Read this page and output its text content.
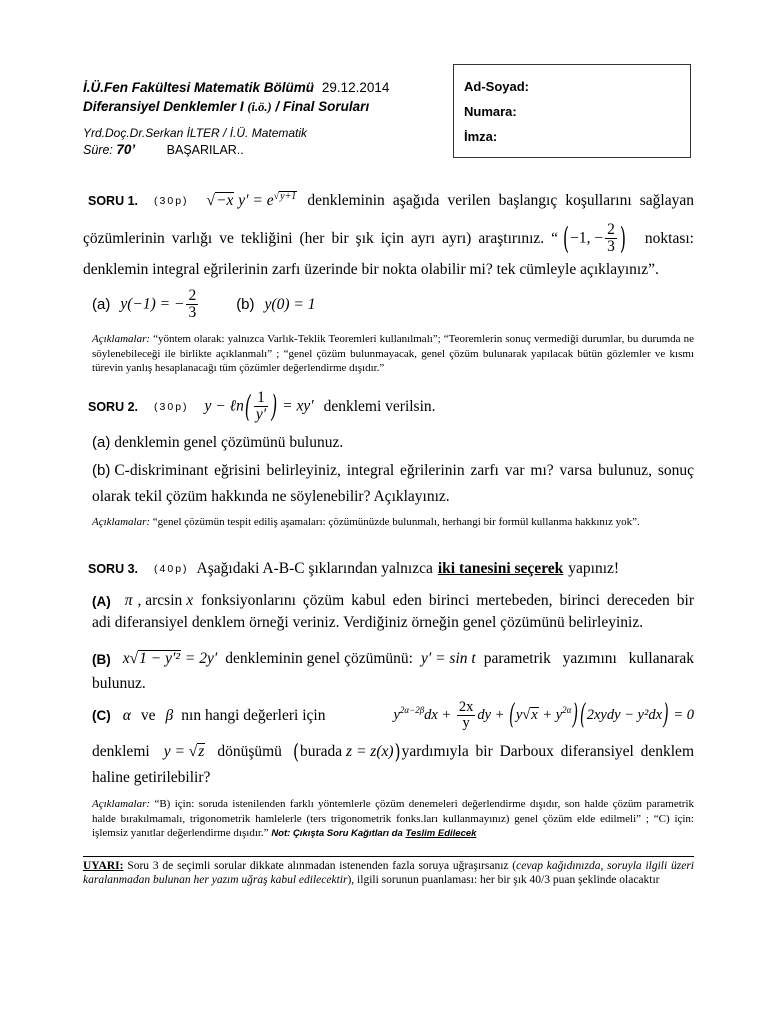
İ.Ü.Fen Fakültesi Matematik Bölümü 29.12.2014
Diferansiyel Denklemler I (i.ö.) / Final Soruları
Yrd.Doç.Dr.Serkan İLTER / İ.Ü. Matematik
Süre: 70’	BAŞARILAR..
Ad-Soyad:
Numara:
İmza:
SORU 1. (30p) √−x $y' = e^{√y+1}$ denkleminin aşağıda verilen başlangıç koşullarını sağlayan
çözümlerinin varlığı ve tekliğini (her bir şık için ayrı ayrı) araştırınız. “ (−1, − $\frac{2}{3}$ ) noktası:
denklemin integral eğrilerinin zarfı üzerinde bir nokta olabilir mi? tek cümleyle açıklayınız”.
(a) y(−1) = − $\frac{2}{3}$	(b) y(0) = 1
Açıklamalar: “yöntem olarak: yalnızca Varlık-Teklik Teoremleri kullanılmalı”; “Teoremlerin sonuç vermediği durumlar, bu durumda ne söylenebileceği ile birlikte açıklanmalı” ; “genel çözüm bulunmayacak, genel çözüm bulunarak yapılacak bütün gözlemler ve kısmı türevin yanlış hesaplanacağı tüm çözümler değerlendirme dışıdır.”
SORU 2. (30p) y − ℓn( $\frac{1}{y'}$ ) = xy′ denklemi verilsin.
(a) denklemin genel çözümünü bulunuz.
(b) C-diskriminant eğrisini belirleyiniz, integral eğrilerinin zarfı var mı? varsa bulunuz, sonuç
olarak tekil çözüm hakkında ne söylenebilir? Açıklayınız.
Açıklamalar: “genel çözümün tespit ediliş aşamaları: çözümünüzde bulunmalı, herhangi bir formül kullanma hakkınız yok”.
SORU 3. (40p) Aşağıdaki A-B-C şıklarından yalnızca iki tanesini seçerek yapınız!
(A) π , arcsin x fonksiyonlarını çözüm kabul eden birinci mertebeden, birinci dereceden bir
adi diferansiyel denklem örneği veriniz. Verdiğiniz örneğin genel çözümünü belirleyiniz.
(B) x√1 − y′² = 2y′ denkleminin genel çözümünü: y′ = sin t parametrik yazımını kullanarak
bulunuz.
(C) α ve β nın hangi değerleri için	$y^{2\alpha-2\beta}dx + \frac{2x}{y}$ dy + $(y√x + y^{2\alpha})$ (2xydy − y²dx) = 0
denklemi y = √z dönüşümü (burada z = z(x)) yardımıyla bir Darboux diferansiyel denklem
haline getirilebilir?
Açıklamalar: “B) için: soruda istenilenden farklı yöntemlerle çözüm denemeleri değerlendirme dışıdır, son halde çözüm parametrik halde bırakılmamalı, trigonometrik hamlelerle (ters trigonometrik fonks.ları kullanmayınız) genel çözüm elde edilmeli” ; “C) için: işlemsiz yanıtlar değerlendirme dışıdır.” Not: Çıkışta Soru Kağıtları da Teslim Edilecek
UYARI: Soru 3 de seçimli sorular dikkate alınmadan istenenden fazla soruya uğraşırsanız (cevap kağıdınızda, soruyla ilgili üzeri karalanmadan bulunan her yazım uğraş kabul edilecektir), ilgili sorunun puanlaması: her bir şık 40/3 puan şeklinde olacaktır
